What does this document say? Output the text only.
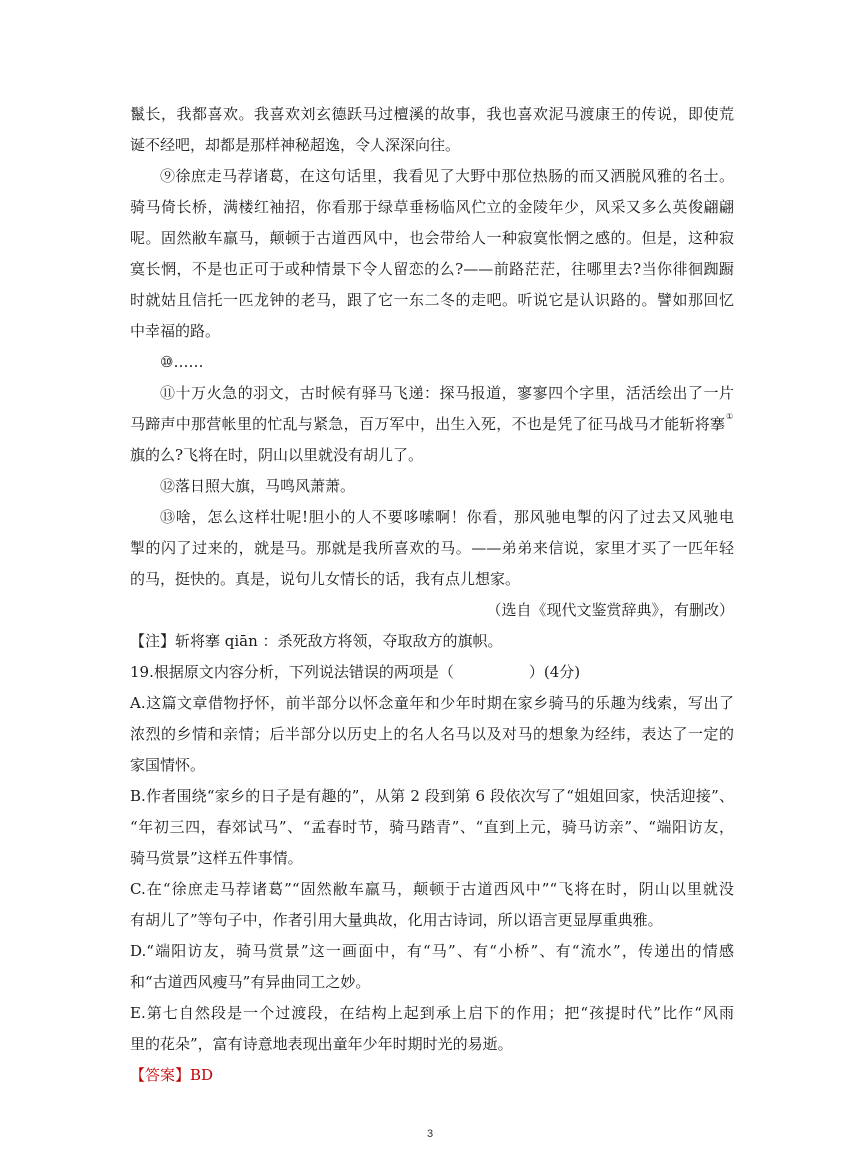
鬣长，我都喜欢。我喜欢刘玄德跃马过檀溪的故事，我也喜欢泥马渡康王的传说，即使荒
诞不经吧，却都是那样神秘超逸，令人深深向往。
⑨徐庶走马荐诸葛，在这句话里，我看见了大野中那位热肠的而又洒脱风雅的名士。
骑马倚长桥，满楼红袖招，你看那于绿草垂杨临风伫立的金陵年少，风采又多么英俊翩翩
呢。固然敝车羸马，颠顿于古道西风中，也会带给人一种寂寞怅惘之感的。但是，这种寂
寞长惘，不是也正可于或种情景下令人留恋的么?——前路茫茫，往哪里去?当你徘徊踟蹰
时就姑且信托一匹龙钟的老马，跟了它一东二冬的走吧。听说它是认识路的。譬如那回忆
中幸福的路。
⑩……
⑪十万火急的羽文，古时候有驿马飞递：探马报道，寥寥四个字里，活活绘出了一片
马蹄声中那营帐里的忙乱与紧急，百万军中，出生入死，不也是凭了征马战马才能斩将搴 ①
旗的么?飞将在时，阴山以里就没有胡儿了。
⑫落日照大旗，马鸣风萧萧。
⑬啥，怎么这样壮呢!胆小的人不要哆嗦啊！你看，那风驰电掣的闪了过去又风驰电
掣的闪了过来的，就是马。那就是我所喜欢的马。——弟弟来信说，家里才买了一匹年轻
的马，挺快的。真是，说句儿女情长的话，我有点儿想家。
（选自《现代文鉴赏辞典》，有删改）
【注】斩将搴 qiān ：杀死敌方将领，夺取敌方的旗帜。
19.根据原文内容分析，下列说法错误的两项是（　　　　　）(4分)
A.这篇文章借物抒怀，前半部分以怀念童年和少年时期在家乡骑马的乐趣为线索，写出了
浓烈的乡情和亲情；后半部分以历史上的名人名马以及对马的想象为经纬，表达了一定的
家国情怀。
B.作者围绕“家乡的日子是有趣的”，从第 2 段到第 6 段依次写了“姐姐回家，快活迎接”、
“年初三四，春郊试马”、“孟春时节，骑马踏青”、“直到上元，骑马访亲”、“端阳访友，
骑马赏景”这样五件事情。
C.在“徐庶走马荐诸葛”“固然敝车羸马，颠顿于古道西风中”“飞将在时，阴山以里就没
有胡儿了”等句子中，作者引用大量典故，化用古诗词，所以语言更显厚重典雅。
D.“端阳访友，骑马赏景”这一画面中，有“马”、有“小桥”、有“流水”，传递出的情感
和“古道西风瘦马”有异曲同工之妙。
E.第七自然段是一个过渡段，在结构上起到承上启下的作用；把“孩提时代”比作“风雨
里的花朵”，富有诗意地表现出童年少年时期时光的易逝。
【答案】BD
3
